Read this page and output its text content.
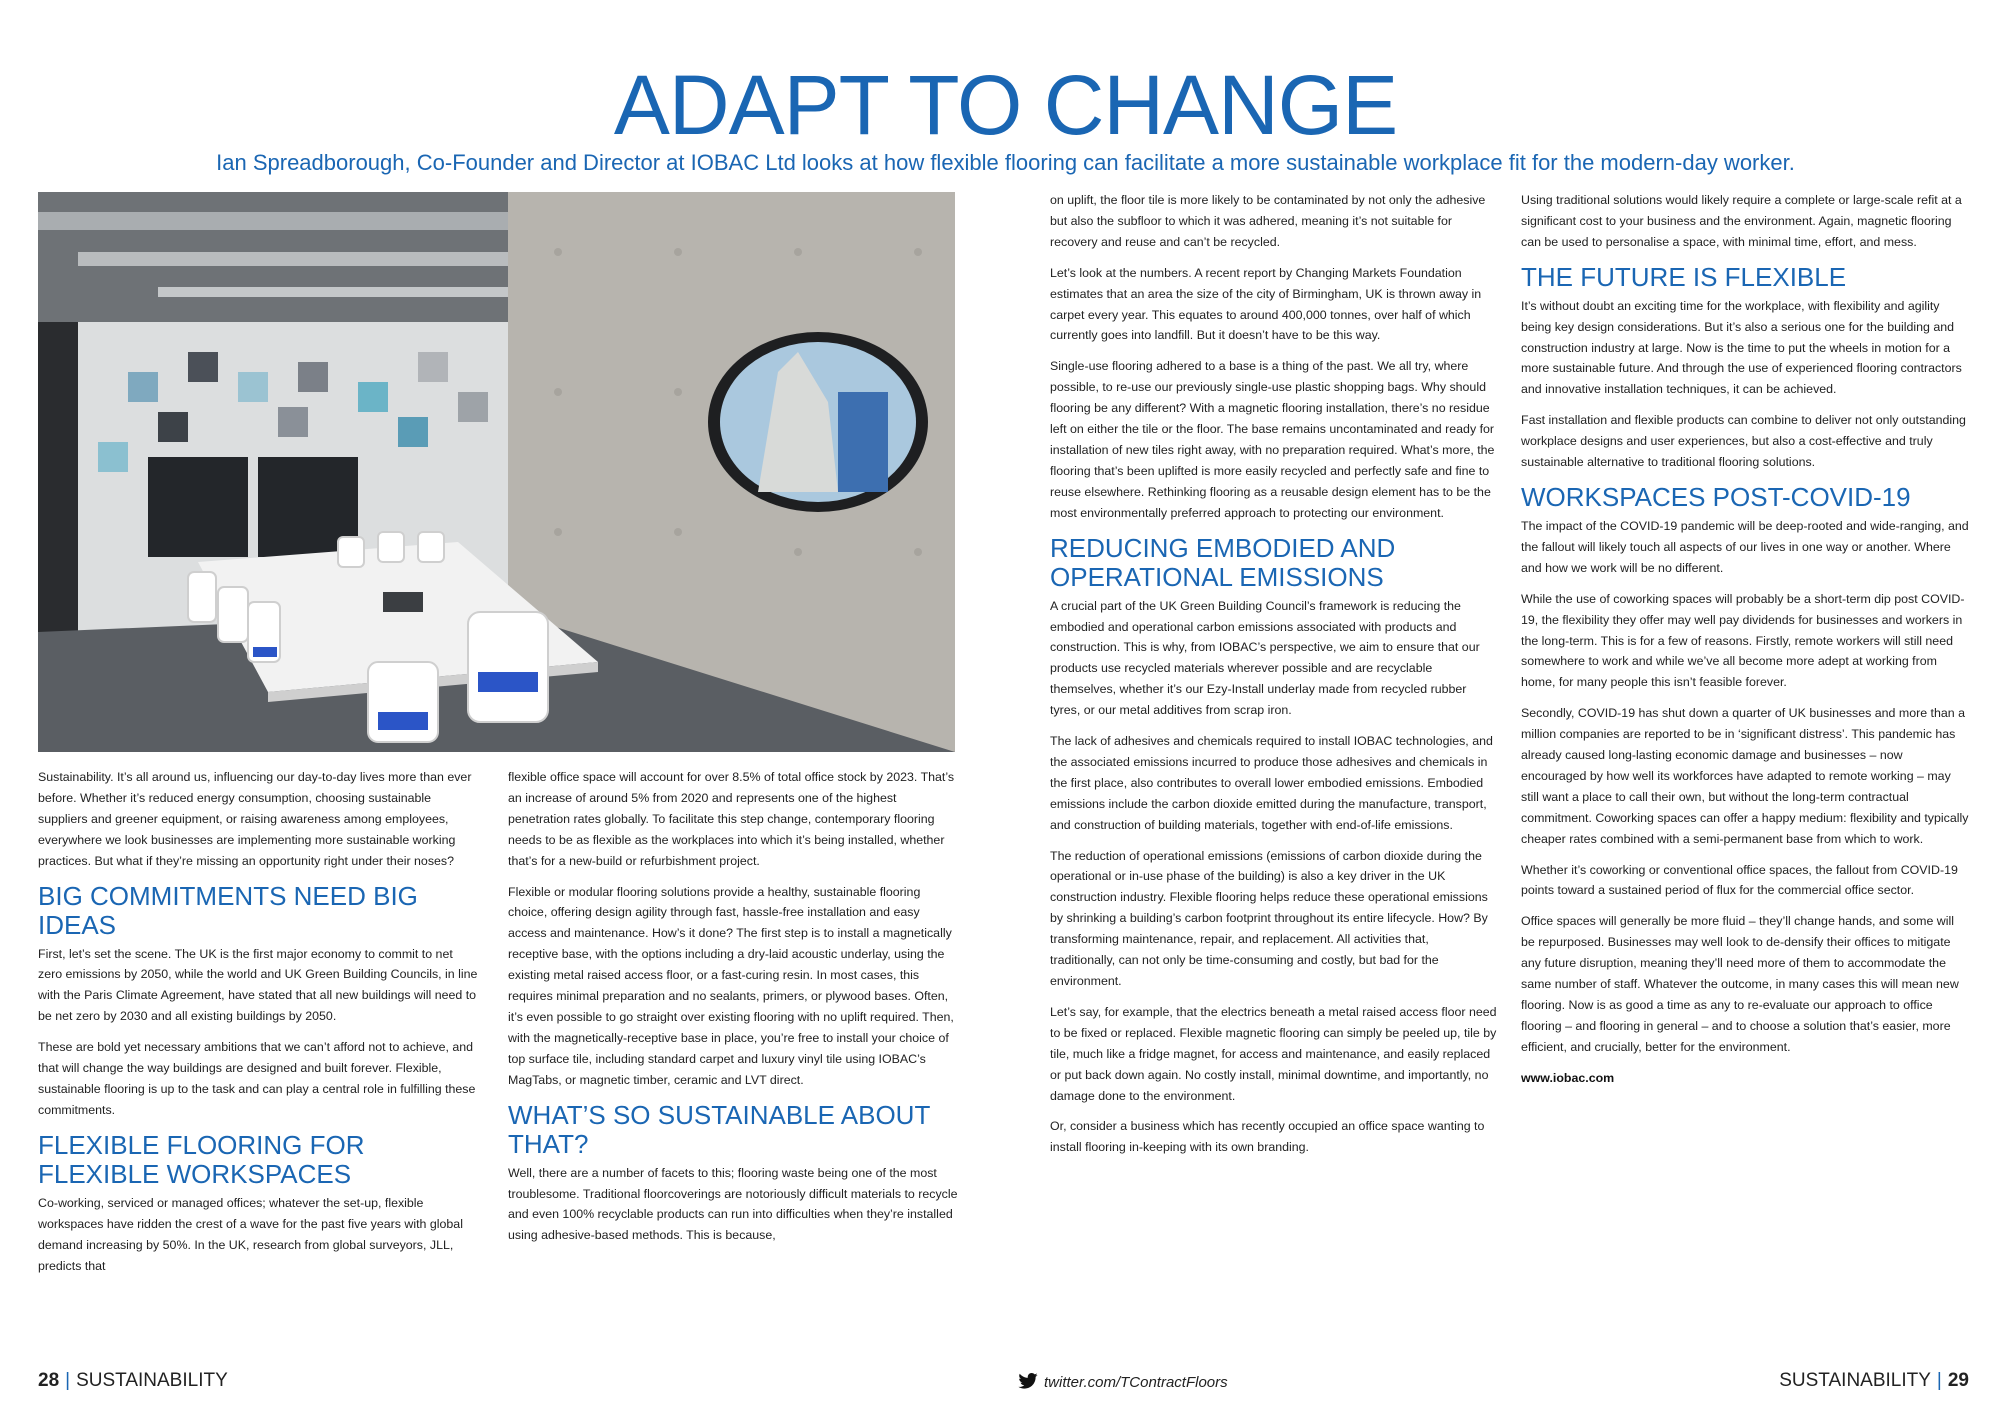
ADAPT TO CHANGE
Ian Spreadborough, Co-Founder and Director at IOBAC Ltd looks at how flexible flooring can facilitate a more sustainable workplace fit for the modern-day worker.

Sustainability. It’s all around us, influencing our day-to-day lives more than ever before. Whether it’s reduced energy consumption, choosing sustainable suppliers and greener equipment, or raising awareness among employees, everywhere we look businesses are implementing more sustainable working practices. But what if they’re missing an opportunity right under their noses?

BIG COMMITMENTS NEED BIG IDEAS

First, let’s set the scene. The UK is the first major economy to commit to net zero emissions by 2050, while the world and UK Green Building Councils, in line with the Paris Climate Agreement, have stated that all new buildings will need to be net zero by 2030 and all existing buildings by 2050.

These are bold yet necessary ambitions that we can’t afford not to achieve, and that will change the way buildings are designed and built forever. Flexible, sustainable flooring is up to the task and can play a central role in fulfilling these commitments.

FLEXIBLE FLOORING FOR FLEXIBLE WORKSPACES

Co-working, serviced or managed offices; whatever the set-up, flexible workspaces have ridden the crest of a wave for the past five years with global demand increasing by 50%. In the UK, research from global surveyors, JLL, predicts that

flexible office space will account for over 8.5% of total office stock by 2023. That’s an increase of around 5% from 2020 and represents one of the highest penetration rates globally. To facilitate this step change, contemporary flooring needs to be as flexible as the workplaces into which it’s being installed, whether that’s for a new-build or refurbishment project.

Flexible or modular flooring solutions provide a healthy, sustainable flooring choice, offering design agility through fast, hassle-free installation and easy access and maintenance. How’s it done? The first step is to install a magnetically receptive base, with the options including a dry-laid acoustic underlay, using the existing metal raised access floor, or a fast-curing resin. In most cases, this requires minimal preparation and no sealants, primers, or plywood bases. Often, it’s even possible to go straight over existing flooring with no uplift required. Then, with the magnetically-receptive base in place, you’re free to install your choice of top surface tile, including standard carpet and luxury vinyl tile using IOBAC’s MagTabs, or magnetic timber, ceramic and LVT direct.

WHAT’S SO SUSTAINABLE ABOUT THAT?

Well, there are a number of facets to this; flooring waste being one of the most troublesome. Traditional floorcoverings are notoriously difficult materials to recycle and even 100% recyclable products can run into difficulties when they’re installed using adhesive-based methods. This is because,

on uplift, the floor tile is more likely to be contaminated by not only the adhesive but also the subfloor to which it was adhered, meaning it’s not suitable for recovery and reuse and can’t be recycled.

Let’s look at the numbers. A recent report by Changing Markets Foundation estimates that an area the size of the city of Birmingham, UK is thrown away in carpet every year. This equates to around 400,000 tonnes, over half of which currently goes into landfill. But it doesn’t have to be this way.

Single-use flooring adhered to a base is a thing of the past. We all try, where possible, to re-use our previously single-use plastic shopping bags. Why should flooring be any different? With a magnetic flooring installation, there’s no residue left on either the tile or the floor. The base remains uncontaminated and ready for installation of new tiles right away, with no preparation required. What’s more, the flooring that’s been uplifted is more easily recycled and perfectly safe and fine to reuse elsewhere. Rethinking flooring as a reusable design element has to be the most environmentally preferred approach to protecting our environment.

REDUCING EMBODIED AND OPERATIONAL EMISSIONS

A crucial part of the UK Green Building Council’s framework is reducing the embodied and operational carbon emissions associated with products and construction. This is why, from IOBAC’s perspective, we aim to ensure that our products use recycled materials wherever possible and are recyclable themselves, whether it’s our Ezy-Install underlay made from recycled rubber tyres, or our metal additives from scrap iron.

The lack of adhesives and chemicals required to install IOBAC technologies, and the associated emissions incurred to produce those adhesives and chemicals in the first place, also contributes to overall lower embodied emissions. Embodied emissions include the carbon dioxide emitted during the manufacture, transport, and construction of building materials, together with end-of-life emissions.

The reduction of operational emissions (emissions of carbon dioxide during the operational or in-use phase of the building) is also a key driver in the UK construction industry. Flexible flooring helps reduce these operational emissions by shrinking a building’s carbon footprint throughout its entire lifecycle. How? By transforming maintenance, repair, and replacement. All activities that, traditionally, can not only be time-consuming and costly, but bad for the environment.

Let’s say, for example, that the electrics beneath a metal raised access floor need to be fixed or replaced. Flexible magnetic flooring can simply be peeled up, tile by tile, much like a fridge magnet, for access and maintenance, and easily replaced or put back down again. No costly install, minimal downtime, and importantly, no damage done to the environment.

Or, consider a business which has recently occupied an office space wanting to install flooring in-keeping with its own branding.

Using traditional solutions would likely require a complete or large-scale refit at a significant cost to your business and the environment. Again, magnetic flooring can be used to personalise a space, with minimal time, effort, and mess.

THE FUTURE IS FLEXIBLE

It’s without doubt an exciting time for the workplace, with flexibility and agility being key design considerations. But it’s also a serious one for the building and construction industry at large. Now is the time to put the wheels in motion for a more sustainable future. And through the use of experienced flooring contractors and innovative installation techniques, it can be achieved.

Fast installation and flexible products can combine to deliver not only outstanding workplace designs and user experiences, but also a cost-effective and truly sustainable alternative to traditional flooring solutions.

WORKSPACES POST-COVID-19

The impact of the COVID-19 pandemic will be deep-rooted and wide-ranging, and the fallout will likely touch all aspects of our lives in one way or another. Where and how we work will be no different.

While the use of coworking spaces will probably be a short-term dip post COVID-19, the flexibility they offer may well pay dividends for businesses and workers in the long-term. This is for a few of reasons. Firstly, remote workers will still need somewhere to work and while we’ve all become more adept at working from home, for many people this isn’t feasible forever.

Secondly, COVID-19 has shut down a quarter of UK businesses and more than a million companies are reported to be in ‘significant distress’. This pandemic has already caused long-lasting economic damage and businesses – now encouraged by how well its workforces have adapted to remote working – may still want a place to call their own, but without the long-term contractual commitment. Coworking spaces can offer a happy medium: flexibility and typically cheaper rates combined with a semi-permanent base from which to work.

Whether it’s coworking or conventional office spaces, the fallout from COVID-19 points toward a sustained period of flux for the commercial office sector.

Office spaces will generally be more fluid – they’ll change hands, and some will be repurposed. Businesses may well look to de-densify their offices to mitigate any future disruption, meaning they’ll need more of them to accommodate the same number of staff. Whatever the outcome, in many cases this will mean new flooring. Now is as good a time as any to re-evaluate our approach to office flooring – and flooring in general – and to choose a solution that’s easier, more efficient, and crucially, better for the environment.

www.iobac.com

28 | SUSTAINABILITY	twitter.com/TContractFloors	SUSTAINABILITY | 29
